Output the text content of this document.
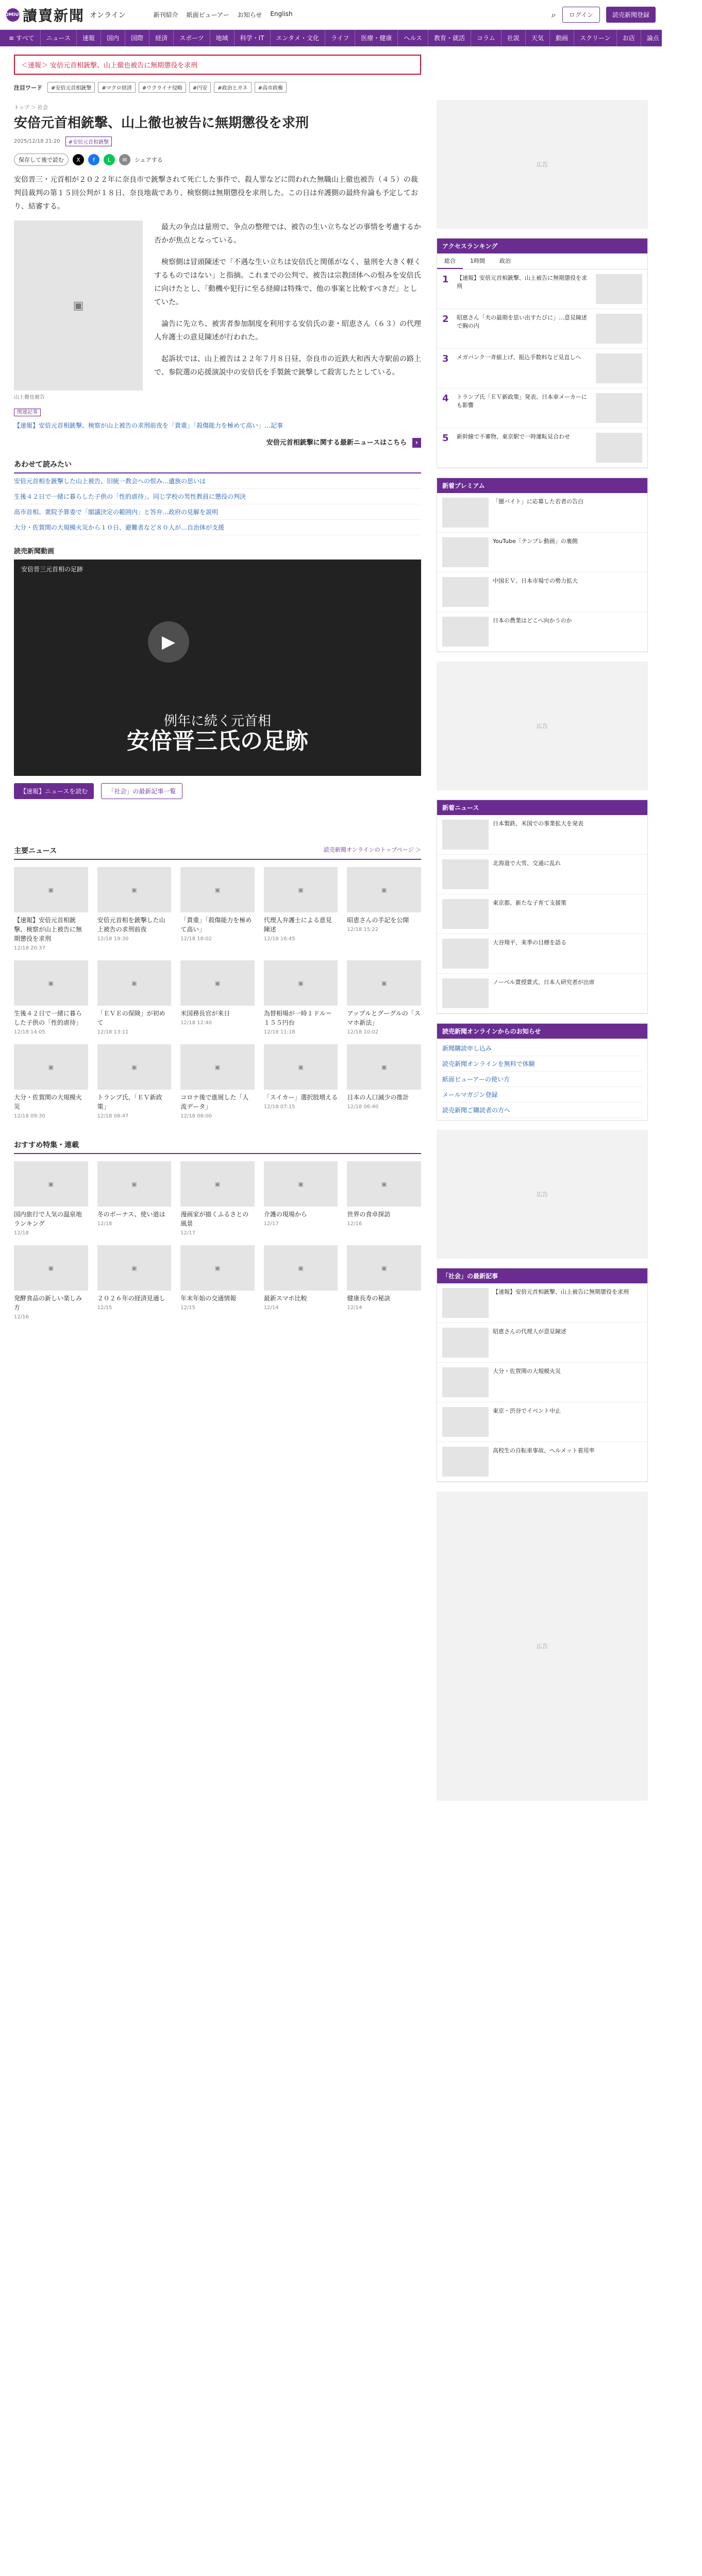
YOMIURI
讀賣新聞 オンライン	新刊紹介 紙面ビューアー お知らせ English	⌕	ログイン	読売新聞登録
≡ すべて	ニュース	速報	国内	国際	経済	スポーツ	地域	科学・IT	エンタメ・文化	ライフ	医療・健康	ヘルス	教育・就活	コラム	社説	天気	動画	スクリーン	お店	論点	読売新聞
＜速報＞ 安倍元首相銃撃、山上徹也被告に無期懲役を求刑
注目ワード	#安倍元首相銃撃	#マクロ経済	#ウクライナ侵略	#円安	#政治とカネ	#高市政権
トップ ＞ 社会
安倍元首相銃撃、山上徹也被告に無期懲役を求刑
2025/12/18 21:20	#安倍元首相銃撃
保存して後で読む	X	f	L	✉	シェアする

安倍晋三・元首相が２０２２年に奈良市で銃撃されて死亡した事件で、殺人罪などに問われた無職山上徹也被告（４５）の裁判員裁判の第１５回公判が１８日、奈良地裁であり、検察側は無期懲役を求刑した。この日は弁護側の最終弁論も予定しており、結審する。

▣
山上徹也被告

最大の争点は量刑で、争点の整理では、被告の生い立ちなどの事情を考慮するか否かが焦点となっている。

検察側は冒頭陳述で「不遇な生い立ちは安倍氏と関係がなく、量刑を大きく軽くするものではない」と指摘。これまでの公判で、被告は宗教団体への恨みを安倍氏に向けたとし、「動機や犯行に至る経緯は特殊で、他の事案と比較すべきだ」としていた。

論告に先立ち、被害者参加制度を利用する安倍氏の妻・昭恵さん（６３）の代理人弁護士の意見陳述が行われた。

起訴状では、山上被告は２２年７月８日昼、奈良市の近鉄大和西大寺駅前の路上で、参院選の応援演説中の安倍氏を手製銃で銃撃して殺害したとしている。

関連記事
【速報】安倍元首相銃撃、検察が山上被告の求刑前夜を「貴重」「殺傷能力を極めて高い」…記事
安倍元首相銃撃に関する最新ニュースはこちら ›
あわせて読みたい
安倍元首相を銃撃した山上被告、旧統一教会への恨み…遺族の思いは
生後４２日で一緒に暮らした子供の「性的虐待」、同じ学校の男性教員に懲役の判決
高市首相、衆院予算委で「閣議決定の範囲内」と答弁…政府の見解を説明
大分・佐賀関の大規模火災から１０日、避難者など８０人が…自治体が支援
読売新聞動画
安倍晋三元首相の足跡
▶
例年に続く元首相
安倍晋三氏の足跡
【速報】ニュースを読む	「社会」の最新記事一覧
主要ニュース	読売新聞オンラインのトップページ ＞
▣
【速報】安倍元首相銃撃、検察が山上被告に無期懲役を求刑
12/18 20:37
▣
安倍元首相を銃撃した山上被告の求刑前夜
12/18 19:30
▣
「貴重」「殺傷能力を極めて高い」
12/18 18:02
▣
代理人弁護士による意見陳述
12/18 16:45
▣
昭恵さんの手記を公開
12/18 15:22
▣
生後４２日で一緒に暮らした子供の「性的虐待」
12/18 14:05
▣
「ＥＶＥの保険」が初めて
12/18 13:11
▣
米国務長官が来日
12/18 12:40
▣
為替相場が一時１ドル＝１５５円台
12/18 11:18
▣
アップルとグーグルの「スマホ新法」
12/18 10:02
▣
大分・佐賀関の大規模火災
12/18 09:30
▣
トランプ氏、「ＥＶ新政策」
12/18 08:47
▣
コロナ後で進展した「人流データ」
12/18 08:00
▣
「スイカー」選択肢増える
12/18 07:15
▣
日本の人口減少の推計
12/18 06:40
おすすめ特集・連載
▣
国内旅行で人気の温泉地ランキング
12/18
▣
冬のボーナス、使い道は
12/18
▣
漫画家が描くふるさとの風景
12/17
▣
介護の現場から
12/17
▣
世界の食卓探訪
12/16
▣
発酵食品の新しい楽しみ方
12/16
▣
２０２６年の経済見通し
12/15
▣
年末年始の交通情報
12/15
▣
最新スマホ比較
12/14
▣
健康長寿の秘訣
12/14
広告
アクセスランキング
総合	1時間	政治
1	【速報】安倍元首相銃撃、山上被告に無期懲役を求刑
2	昭恵さん「夫の最期を思い出すたびに」…意見陳述で胸の内
3	メガバンク一斉値上げ、振込手数料など見直しへ
4	トランプ氏「ＥＶ新政策」発表、日本車メーカーにも影響
5	新幹線で不審物、東京駅で一時運転見合わせ
新着プレミアム
「闇バイト」に応募した若者の告白
YouTube「テンプレ動画」の裏側
中国ＥＶ、日本市場での勢力拡大
日本の農業はどこへ向かうのか
広告
新着ニュース
日本製鉄、米国での事業拡大を発表
北海道で大雪、交通に乱れ
東京都、新たな子育て支援策
大谷翔平、来季の目標を語る
ノーベル賞授賞式、日本人研究者が出席
読売新聞オンラインからのお知らせ
新聞購読申し込み
読売新聞オンラインを無料で体験
紙面ビューアーの使い方
メールマガジン登録
読売新聞ご購読者の方へ
広告
「社会」の最新記事
【速報】安倍元首相銃撃、山上被告に無期懲役を求刑
昭恵さんの代理人が意見陳述
大分・佐賀関の大規模火災
東京・渋谷でイベント中止
高校生の自転車事故、ヘルメット着用率
広告
